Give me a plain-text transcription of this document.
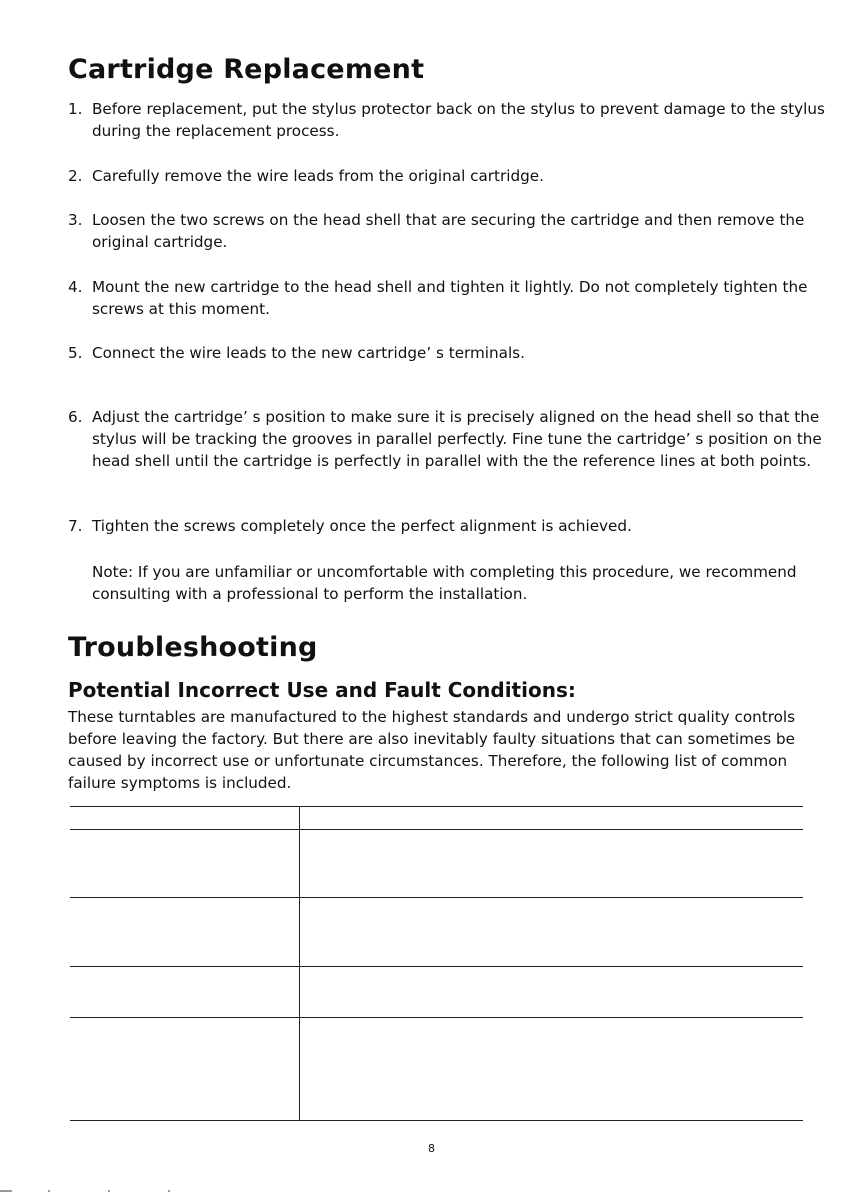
Cartridge Replacement
1. Before replacement, put the stylus protector back on the stylus to prevent damage to the stylus during the replacement process.
2. Carefully remove the wire leads from the original cartridge.
3. Loosen the two screws on the head shell that are securing the cartridge and then remove the original cartridge.
4. Mount the new cartridge to the head shell and tighten it lightly. Do not completely tighten the screws at this moment.
5. Connect the wire leads to the new cartridge’ s terminals.
6. Adjust the cartridge’ s position to make sure it is precisely aligned on the head shell so that the stylus will be tracking the grooves in parallel perfectly. Fine tune the cartridge’ s position on the head shell until the cartridge is perfectly in parallel with the the reference lines at both points.
7. Tighten the screws completely once the perfect alignment is achieved.
Note: If you are unfamiliar or uncomfortable with completing this procedure, we recommend consulting with a professional to perform the installation.
Troubleshooting
Potential Incorrect Use and Fault Conditions:
These turntables are manufactured to the highest standards and undergo strict quality controls before leaving the factory. But there are also inevitably faulty situations that can sometimes be caused by incorrect use or unfortunate circumstances. Therefore, the following list of common failure symptoms is included.
8
